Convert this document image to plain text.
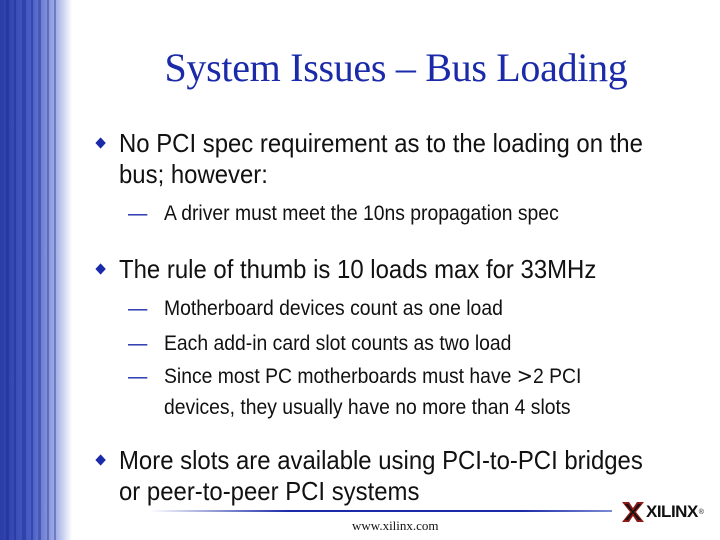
System Issues – Bus Loading
No PCI spec requirement as to the loading on the
bus; however:
— A driver must meet the 10ns propagation spec
The rule of thumb is 10 loads max for 33MHz
— Motherboard devices count as one load
— Each add-in card slot counts as two load
— Since most PC motherboards must have >2 PCI
devices, they usually have no more than 4 slots
More slots are available using PCI-to-PCI bridges
or peer-to-peer PCI systems
XILINX ®
www.xilinx.com
